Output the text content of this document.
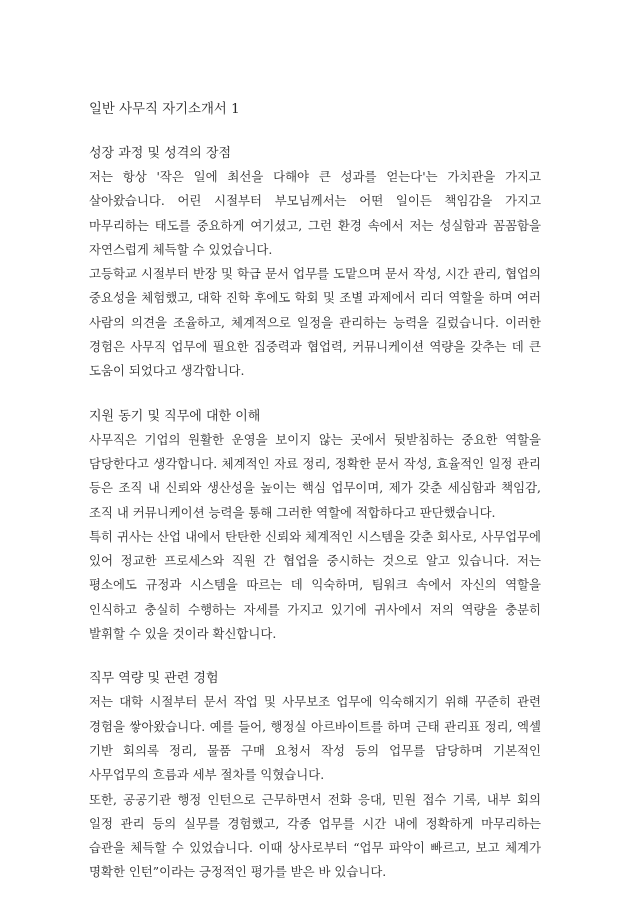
일반 사무직 자기소개서 1
성장 과정 및 성격의 장점

저는 항상 '작은 일에 최선을 다해야 큰 성과를 얻는다'는 가치관을 가지고 살아왔습니다. 어린 시절부터 부모님께서는 어떤 일이든 책임감을 가지고 마무리하는 태도를 중요하게 여기셨고, 그런 환경 속에서 저는 성실함과 꼼꼼함을 자연스럽게 체득할 수 있었습니다.

고등학교 시절부터 반장 및 학급 문서 업무를 도맡으며 문서 작성, 시간 관리, 협업의 중요성을 체험했고, 대학 진학 후에도 학회 및 조별 과제에서 리더 역할을 하며 여러 사람의 의견을 조율하고, 체계적으로 일정을 관리하는 능력을 길렀습니다. 이러한 경험은 사무직 업무에 필요한 집중력과 협업력, 커뮤니케이션 역량을 갖추는 데 큰 도움이 되었다고 생각합니다.

지원 동기 및 직무에 대한 이해

사무직은 기업의 원활한 운영을 보이지 않는 곳에서 뒷받침하는 중요한 역할을 담당한다고 생각합니다. 체계적인 자료 정리, 정확한 문서 작성, 효율적인 일정 관리 등은 조직 내 신뢰와 생산성을 높이는 핵심 업무이며, 제가 갖춘 세심함과 책임감, 조직 내 커뮤니케이션 능력을 통해 그러한 역할에 적합하다고 판단했습니다.

특히 귀사는 산업 내에서 탄탄한 신뢰와 체계적인 시스템을 갖춘 회사로, 사무업무에 있어 정교한 프로세스와 직원 간 협업을 중시하는 것으로 알고 있습니다. 저는 평소에도 규정과 시스템을 따르는 데 익숙하며, 팀워크 속에서 자신의 역할을 인식하고 충실히 수행하는 자세를 가지고 있기에 귀사에서 저의 역량을 충분히 발휘할 수 있을 것이라 확신합니다.

직무 역량 및 관련 경험

저는 대학 시절부터 문서 작업 및 사무보조 업무에 익숙해지기 위해 꾸준히 관련 경험을 쌓아왔습니다. 예를 들어, 행정실 아르바이트를 하며 근태 관리표 정리, 엑셀 기반 회의록 정리, 물품 구매 요청서 작성 등의 업무를 담당하며 기본적인 사무업무의 흐름과 세부 절차를 익혔습니다.

또한, 공공기관 행정 인턴으로 근무하면서 전화 응대, 민원 접수 기록, 내부 회의 일정 관리 등의 실무를 경험했고, 각종 업무를 시간 내에 정확하게 마무리하는 습관을 체득할 수 있었습니다. 이때 상사로부터 “업무 파악이 빠르고, 보고 체계가 명확한 인턴”이라는 긍정적인 평가를 받은 바 있습니다.
